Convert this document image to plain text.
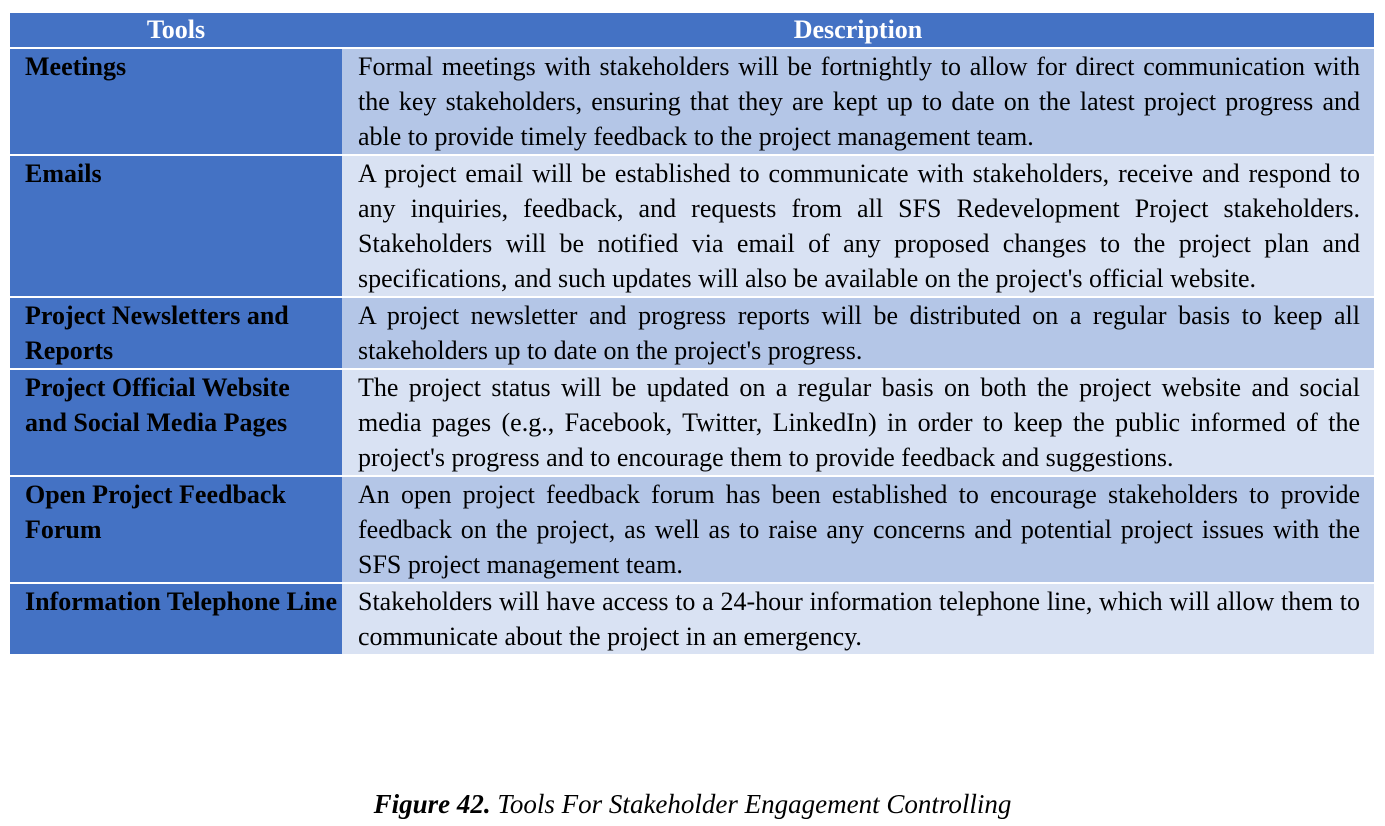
Tools	Description
Meetings	Formal meetings with stakeholders will be fortnightly to allow for direct communication with the key stakeholders, ensuring that they are kept up to date on the latest project progress and able to provide timely feedback to the project management team.
Emails	A project email will be established to communicate with stakeholders, receive and respond to any inquiries, feedback, and requests from all SFS Redevelopment Project stakeholders. Stakeholders will be notified via email of any proposed changes to the project plan and specifications, and such updates will also be available on the project's official website.
Project Newsletters and Reports	A project newsletter and progress reports will be distributed on a regular basis to keep all stakeholders up to date on the project's progress.
Project Official Website and Social Media Pages	The project status will be updated on a regular basis on both the project website and social media pages (e.g., Facebook, Twitter, LinkedIn) in order to keep the public informed of the project's progress and to encourage them to provide feedback and suggestions.
Open Project Feedback Forum	An open project feedback forum has been established to encourage stakeholders to provide feedback on the project, as well as to raise any concerns and potential project issues with the SFS project management team.
Information Telephone Line	Stakeholders will have access to a 24-hour information telephone line, which will allow them to communicate about the project in an emergency.
Figure 42. Tools For Stakeholder Engagement Controlling
